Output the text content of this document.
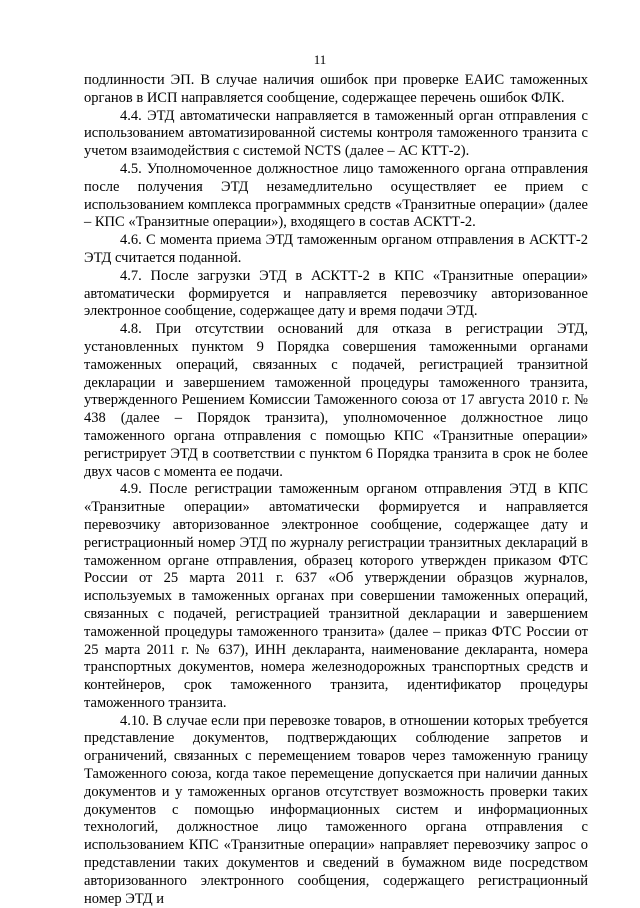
11

подлинности ЭП. В случае наличия ошибок при проверке ЕАИС таможенных органов в ИСП направляется сообщение, содержащее перечень ошибок ФЛК.

4.4. ЭТД автоматически направляется в таможенный орган отправления с использованием автоматизированной системы контроля таможенного транзита с учетом взаимодействия с системой NCTS (далее – АС КТТ-2).

4.5. Уполномоченное должностное лицо таможенного органа отправления после получения ЭТД незамедлительно осуществляет ее прием с использованием комплекса программных средств «Транзитные операции» (далее – КПС «Транзитные операции»), входящего в состав АСКТТ-2.

4.6. С момента приема ЭТД таможенным органом отправления в АСКТТ-2 ЭТД считается поданной.

4.7. После загрузки ЭТД в АСКТТ-2 в КПС «Транзитные операции» автоматически формируется и направляется перевозчику авторизованное электронное сообщение, содержащее дату и время подачи ЭТД.

4.8. При отсутствии оснований для отказа в регистрации ЭТД, установленных пунктом 9 Порядка совершения таможенными органами таможенных операций, связанных с подачей, регистрацией транзитной декларации и завершением таможенной процедуры таможенного транзита, утвержденного Решением Комиссии Таможенного союза от 17 августа 2010 г. № 438 (далее – Порядок транзита), уполномоченное должностное лицо таможенного органа отправления с помощью КПС «Транзитные операции» регистрирует ЭТД в соответствии с пунктом 6 Порядка транзита в срок не более двух часов с момента ее подачи.

4.9. После регистрации таможенным органом отправления ЭТД в КПС «Транзитные операции» автоматически формируется и направляется перевозчику авторизованное электронное сообщение, содержащее дату и регистрационный номер ЭТД по журналу регистрации транзитных деклараций в таможенном органе отправления, образец которого утвержден приказом ФТС России от 25 марта 2011 г. 637 «Об утверждении образцов журналов, используемых в таможенных органах при совершении таможенных операций, связанных с подачей, регистрацией транзитной декларации и завершением таможенной процедуры таможенного транзита» (далее – приказ ФТС России от 25 марта 2011 г. № 637), ИНН декларанта, наименование декларанта, номера транспортных документов, номера железнодорожных транспортных средств и контейнеров, срок таможенного транзита, идентификатор процедуры таможенного транзита.

4.10. В случае если при перевозке товаров, в отношении которых требуется представление документов, подтверждающих соблюдение запретов и ограничений, связанных с перемещением товаров через таможенную границу Таможенного союза, когда такое перемещение допускается при наличии данных документов и у таможенных органов отсутствует возможность проверки таких документов с помощью информационных систем и информационных технологий, должностное лицо таможенного органа отправления с использованием КПС «Транзитные операции» направляет перевозчику запрос о представлении таких документов и сведений в бумажном виде посредством авторизованного электронного сообщения, содержащего регистрационный номер ЭТД и
